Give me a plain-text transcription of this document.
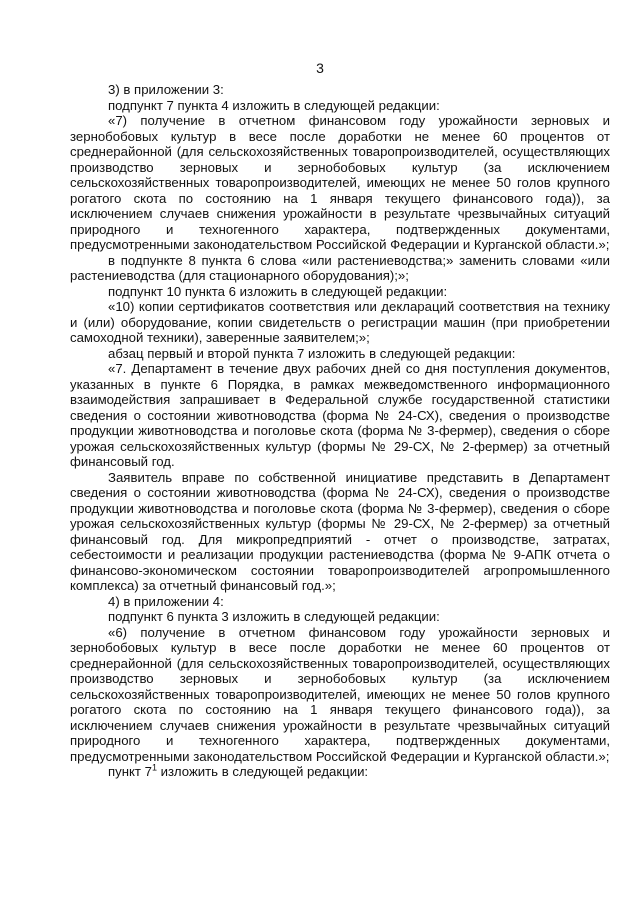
3

3) в приложении 3:

подпункт 7 пункта 4 изложить в следующей редакции:

«7) получение в отчетном финансовом году урожайности зерновых и зернобобовых культур в весе после доработки не менее 60 процентов от среднерайонной (для сельскохозяйственных товаропроизводителей, осуществляющих производство зерновых и зернобобовых культур (за исключением сельскохозяйственных товаропроизводителей, имеющих не менее 50 голов крупного рогатого скота по состоянию на 1 января текущего финансового года)), за исключением случаев снижения урожайности в результате чрезвычайных ситуаций природного и техногенного характера, подтвержденных документами, предусмотренными законодательством Российской Федерации и Курганской области.»;

в подпункте 8 пункта 6 слова «или растениеводства;» заменить словами «или растениеводства (для стационарного оборудования);»;

подпункт 10 пункта 6 изложить в следующей редакции:

«10) копии сертификатов соответствия или деклараций соответствия на технику и (или) оборудование, копии свидетельств о регистрации машин (при приобретении самоходной техники), заверенные заявителем;»;

абзац первый и второй пункта 7 изложить в следующей редакции:

«7. Департамент в течение двух рабочих дней со дня поступления документов, указанных в пункте 6 Порядка, в рамках межведомственного информационного взаимодействия запрашивает в Федеральной службе государственной статистики сведения о состоянии животноводства (форма № 24-СХ), сведения о производстве продукции животноводства и поголовье скота (форма № 3-фермер), сведения о сборе урожая сельскохозяйственных культур (формы № 29-СХ, № 2-фермер) за отчетный финансовый год.

Заявитель вправе по собственной инициативе представить в Департамент сведения о состоянии животноводства (форма № 24-СХ), сведения о производстве продукции животноводства и поголовье скота (форма № 3-фермер), сведения о сборе урожая сельскохозяйственных культур (формы № 29-СХ, № 2-фермер) за отчетный финансовый год. Для микропредприятий - отчет о производстве, затратах, себестоимости и реализации продукции растениеводства (форма № 9-АПК отчета о финансово-экономическом состоянии товаропроизводителей агропромышленного комплекса) за отчетный финансовый год.»;

4) в приложении 4:

подпункт 6 пункта 3 изложить в следующей редакции:

«6) получение в отчетном финансовом году урожайности зерновых и зернобобовых культур в весе после доработки не менее 60 процентов от среднерайонной (для сельскохозяйственных товаропроизводителей, осуществляющих производство зерновых и зернобобовых культур (за исключением сельскохозяйственных товаропроизводителей, имеющих не менее 50 голов крупного рогатого скота по состоянию на 1 января текущего финансового года)), за исключением случаев снижения урожайности в результате чрезвычайных ситуаций природного и техногенного характера, подтвержденных документами, предусмотренными законодательством Российской Федерации и Курганской области.»;

пункт $7^1$ изложить в следующей редакции:
